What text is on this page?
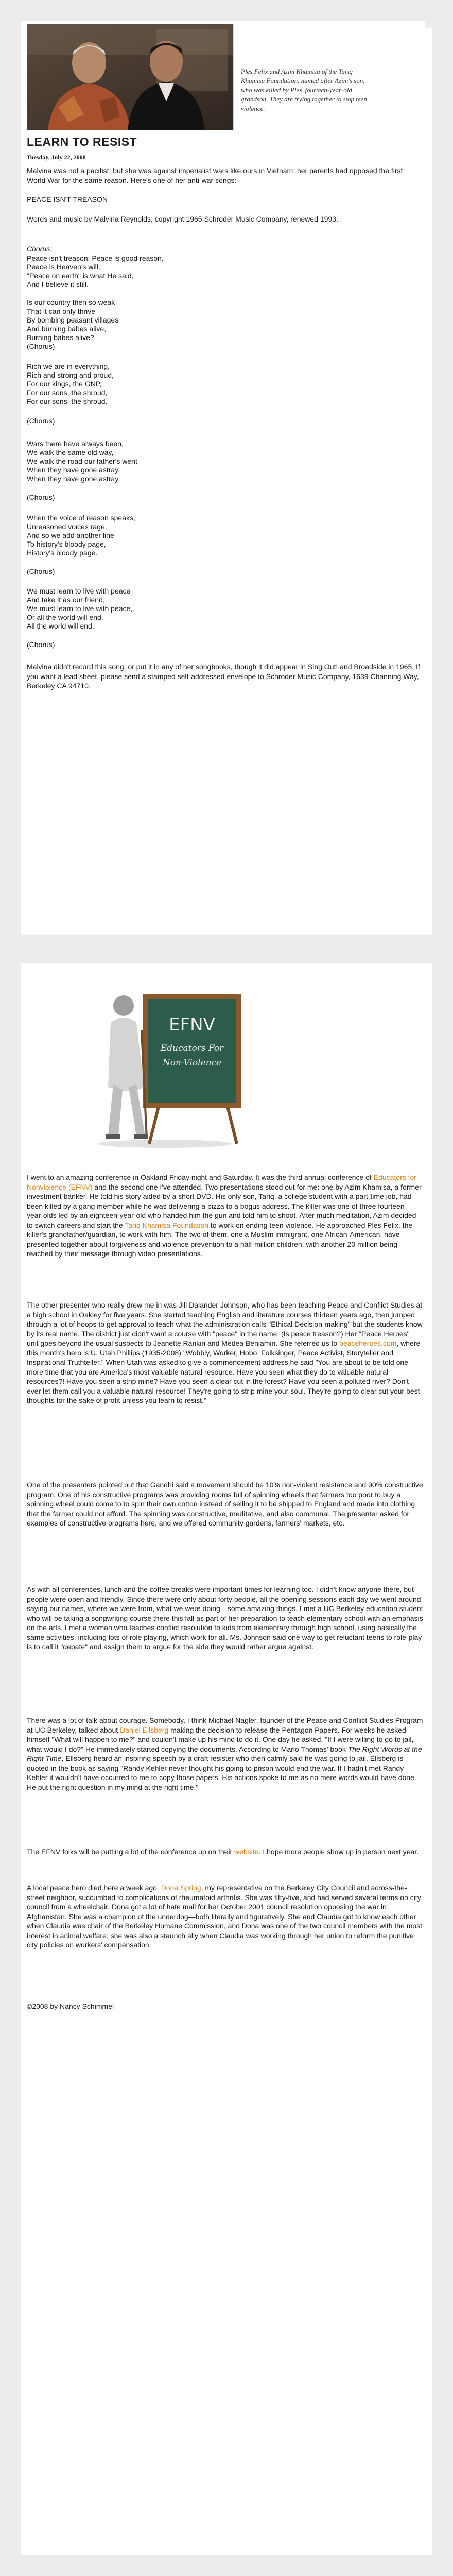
Ples Felix and Azim Khamisa of the Tariq Khamisa Foundation, named after Azim's son, who was killed by Ples' fourteen-year-old grandson. They are trying together to stop teen violence.

LEARN TO RESIST

Tuesday, July 22, 2008

Malvina was not a pacifist, but she was against imperialist wars like ours in Vietnam; her parents had opposed the first World War for the same reason. Here's one of her anti-war songs:

PEACE ISN'T TREASON

Words and music by Malvina Reynolds; copyright 1965 Schroder Music Company, renewed 1993.

Chorus:

Peace isn't treason, Peace is good reason,

Peace is Heaven's will;

"Peace on earth" is what He said,

And I believe it still.

Is our country then so weak

That it can only thrive

By bombing peasant villages

And burning babes alive,

Burning babes alive?

(Chorus)

Rich we are in everything,

Rich and strong and proud,

For our kings, the GNP,

For our sons, the shroud,

For our sons, the shroud.

(Chorus)

Wars there have always been,

We walk the same old way,

We walk the road our father's went

When they have gone astray,

When they have gone astray.

(Chorus)

When the voice of reason speaks,

Unreasoned voices rage,

And so we add another line

To history's bloody page,

History's bloody page.

(Chorus)

We must learn to live with peace

And take it as our friend,

We must learn to live with peace,

Or all the world will end,

All the world will end.

(Chorus)

Malvina didn't record this song, or put it in any of her songbooks, though it did appear in Sing Out! and Broadside in 1965. If you want a lead sheet, please send a stamped self-addressed envelope to Schroder Music Company, 1639 Channing Way, Berkeley CA 94710.

EFNV
Educators For
Non-Violence

I went to an amazing conference in Oakland Friday night and Saturday. It was the third annual conference of Educators for Nonviolence (EFNV) and the second one I've attended. Two presentations stood out for me: one by Azim Khamisa, a former investment banker. He told his story aided by a short DVD. His only son, Tariq, a college student with a part-time job, had been killed by a gang member while he was delivering a pizza to a bogus address. The killer was one of three fourteen-year-olds led by an eighteen-year-old who handed him the gun and told him to shoot. After much meditation, Azim decided to switch careers and start the Tariq Khamisa Foundation to work on ending teen violence. He approached Ples Felix, the killer's grandfather/guardian, to work with him. The two of them, one a Muslim immigrant, one African-American, have presented together about forgiveness and violence prevention to a half-million children, with another 20 million being reached by their message through video presentations.

The other presenter who really drew me in was Jill Dalander Johnson, who has been teaching Peace and Conflict Studies at a high school in Oakley for five years. She started teaching English and literature courses thirteen years ago, then jumped through a lot of hoops to get approval to teach what the administration calls "Ethical Decision-making" but the students know by its real name. The district just didn't want a course with "peace" in the name. (Is peace treason?) Her "Peace Heroes" unit goes beyond the usual suspects to Jeanette Rankin and Medea Benjamin. She referred us to peaceheroes.com, where this month's hero is U. Utah Phillips (1935-2008) "Wobbly, Worker, Hobo, Folksinger, Peace Activist, Storyteller and Inspirational Truthteller." When Utah was asked to give a commencement address he said "You are about to be told one more time that you are America's most valuable natural resource. Have you seen what they do to valuable natural resources?! Have you seen a strip mine? Have you seen a clear cut in the forest? Have you seen a polluted river? Don't ever let them call you a valuable natural resource! They're going to strip mine your soul. They're going to clear cut your best thoughts for the sake of profit unless you learn to resist."

One of the presenters pointed out that Gandhi said a movement should be 10% non-violent resistance and 90% constructive program. One of his constructive programs was providing rooms full of spinning wheels that farmers too poor to buy a spinning wheel could come to to spin their own cotton instead of selling it to be shipped to England and made into clothing that the farmer could not afford. The spinning was constructive, meditative, and also communal. The presenter asked for examples of constructive programs here, and we offered community gardens, farmers' markets, etc.

As with all conferences, lunch and the coffee breaks were important times for learning too. I didn't know anyone there, but people were open and friendly. Since there were only about forty people, all the opening sessions each day we went around saying our names, where we were from, what we were doing—some amazing things. I met a UC Berkeley education student who will be taking a songwriting course there this fall as part of her preparation to teach elementary school with an emphasis on the arts. I met a woman who teaches conflict resolution to kids from elementary through high school, using basically the same activities, including lots of role playing, which work for all. Ms. Johnson said one way to get reluctant teens to role-play is to call it "debate" and assign them to argue for the side they would rather argue against.

There was a lot of talk about courage. Somebody, I think Michael Nagler, founder of the Peace and Conflict Studies Program at UC Berkeley, talked about Daniel Ellsberg making the decision to release the Pentagon Papers. For weeks he asked himself "What will happen to me?" and couldn't make up his mind to do it. One day he asked, "If I were willing to go to jail, what would I do?" He immediately started copying the documents. According to Marlo Thomas' book The Right Words at the Right Time, Ellsberg heard an inspiring speech by a draft resister who then calmly said he was going to jail. Ellsberg is quoted in the book as saying "Randy Kehler never thought his going to prison would end the war. If I hadn't met Randy Kehler it wouldn't have occurred to me to copy those papers. His actions spoke to me as no mere words would have done. He put the right question in my mind at the right time."

The EFNV folks will be putting a lot of the conference up on their website. I hope more people show up in person next year.

A local peace hero died here a week ago. Dona Spring, my representative on the Berkeley City Council and across-the-street neighbor, succumbed to complications of rheumatoid arthritis. She was fifty-five, and had served several terms on city council from a wheelchair. Dona got a lot of hate mail for her October 2001 council resolution opposing the war in Afghanistan. She was a champion of the underdog—both literally and figuratively. She and Claudia got to know each other when Claudia was chair of the Berkeley Humane Commission, and Dona was one of the two council members with the most interest in animal welfare; she was also a staunch ally when Claudia was working through her union to reform the punitive city policies on workers' compensation.

©2008 by Nancy Schimmel
